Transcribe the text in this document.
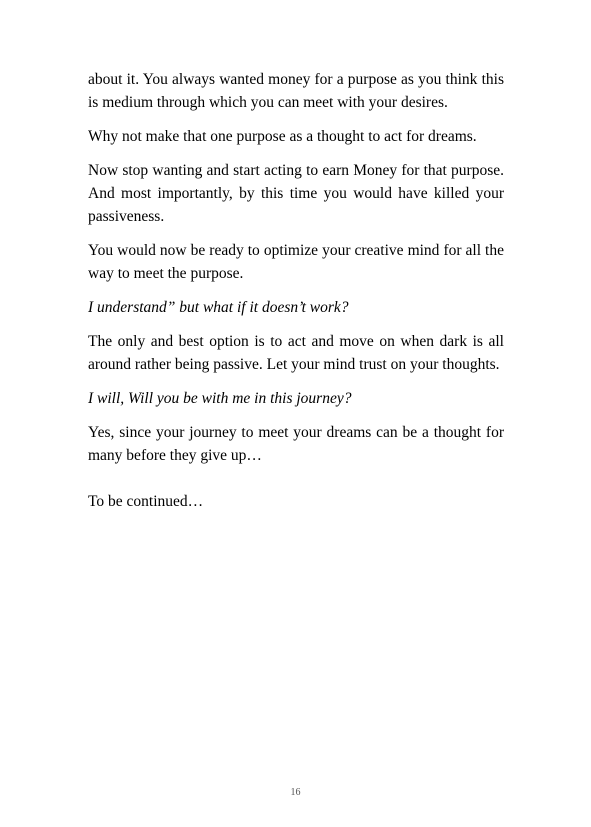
about it. You always wanted money for a purpose as you think this is medium through which you can meet with your desires.

Why not make that one purpose as a thought to act for dreams.

Now stop wanting and start acting to earn Money for that purpose. And most importantly, by this time you would have killed your passiveness.

You would now be ready to optimize your creative mind for all the way to meet the purpose.

I understand” but what if it doesn’t work?

The only and best option is to act and move on when dark is all around rather being passive. Let your mind trust on your thoughts.

I will, Will you be with me in this journey?

Yes, since your journey to meet your dreams can be a thought for many before they give up…

To be continued…

16
